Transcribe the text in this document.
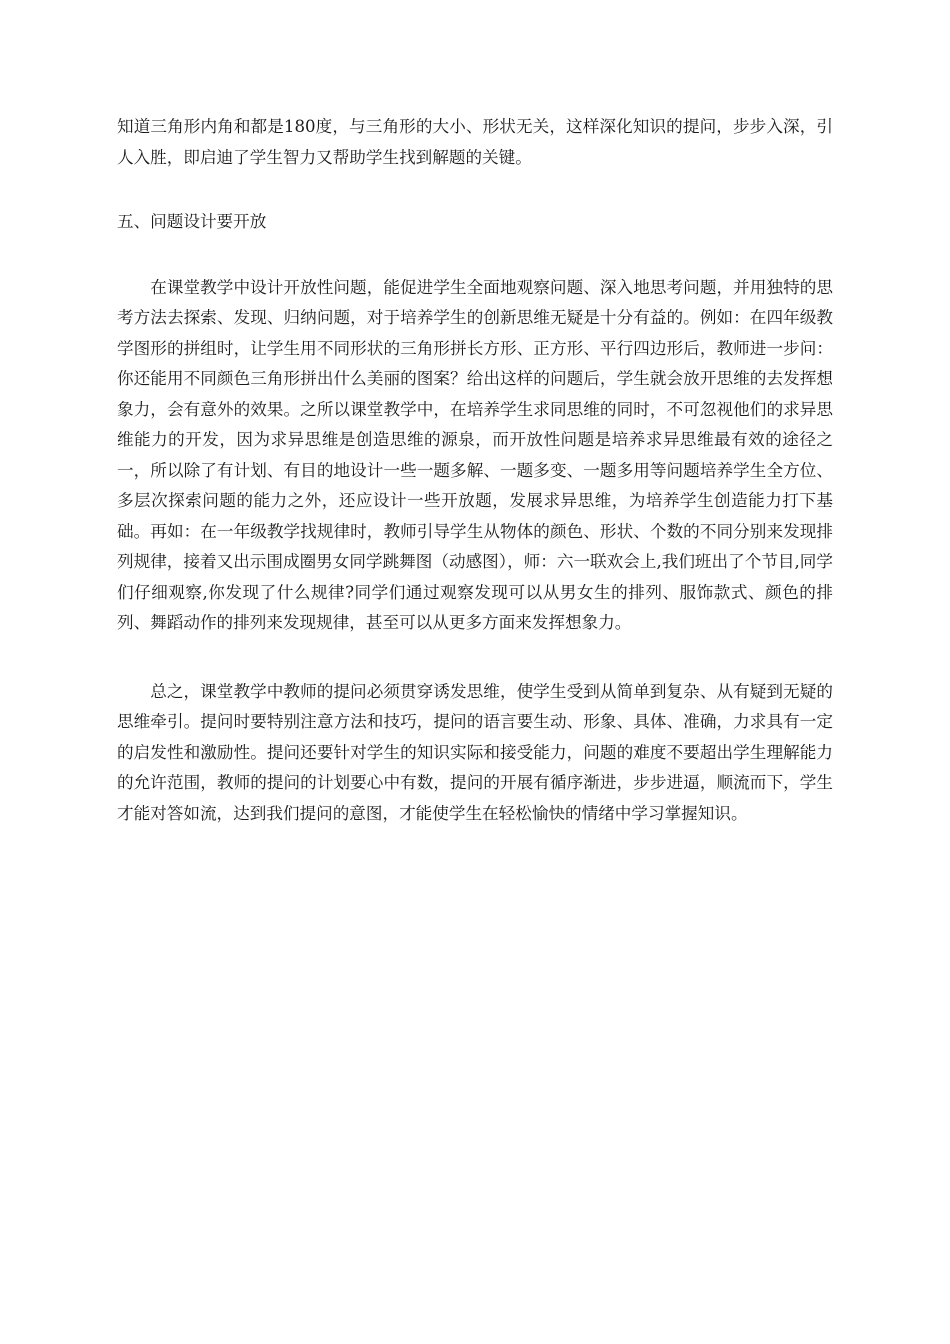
知道三角形内角和都是180度，与三角形的大小、形状无关，这样深化知识的提问，步步入深，引人入胜，即启迪了学生智力又帮助学生找到解题的关键。

五、问题设计要开放

在课堂教学中设计开放性问题，能促进学生全面地观察问题、深入地思考问题，并用独特的思考方法去探索、发现、归纳问题，对于培养学生的创新思维无疑是十分有益的。例如：在四年级教学图形的拼组时，让学生用不同形状的三角形拼长方形、正方形、平行四边形后，教师进一步问：你还能用不同颜色三角形拼出什么美丽的图案？给出这样的问题后，学生就会放开思维的去发挥想象力，会有意外的效果。之所以课堂教学中，在培养学生求同思维的同时，不可忽视他们的求异思维能力的开发，因为求异思维是创造思维的源泉，而开放性问题是培养求异思维最有效的途径之一，所以除了有计划、有目的地设计一些一题多解、一题多变、一题多用等问题培养学生全方位、多层次探索问题的能力之外，还应设计一些开放题，发展求异思维，为培养学生创造能力打下基础。再如：在一年级教学找规律时，教师引导学生从物体的颜色、形状、个数的不同分别来发现排列规律，接着又出示围成圈男女同学跳舞图（动感图），师：六一联欢会上,我们班出了个节目,同学们仔细观察,你发现了什么规律?同学们通过观察发现可以从男女生的排列、服饰款式、颜色的排列、舞蹈动作的排列来发现规律，甚至可以从更多方面来发挥想象力。

总之，课堂教学中教师的提问必须贯穿诱发思维，使学生受到从简单到复杂、从有疑到无疑的思维牵引。提问时要特别注意方法和技巧，提问的语言要生动、形象、具体、准确，力求具有一定的启发性和激励性。提问还要针对学生的知识实际和接受能力，问题的难度不要超出学生理解能力的允许范围，教师的提问的计划要心中有数，提问的开展有循序渐进，步步进逼，顺流而下，学生才能对答如流，达到我们提问的意图，才能使学生在轻松愉快的情绪中学习掌握知识。
